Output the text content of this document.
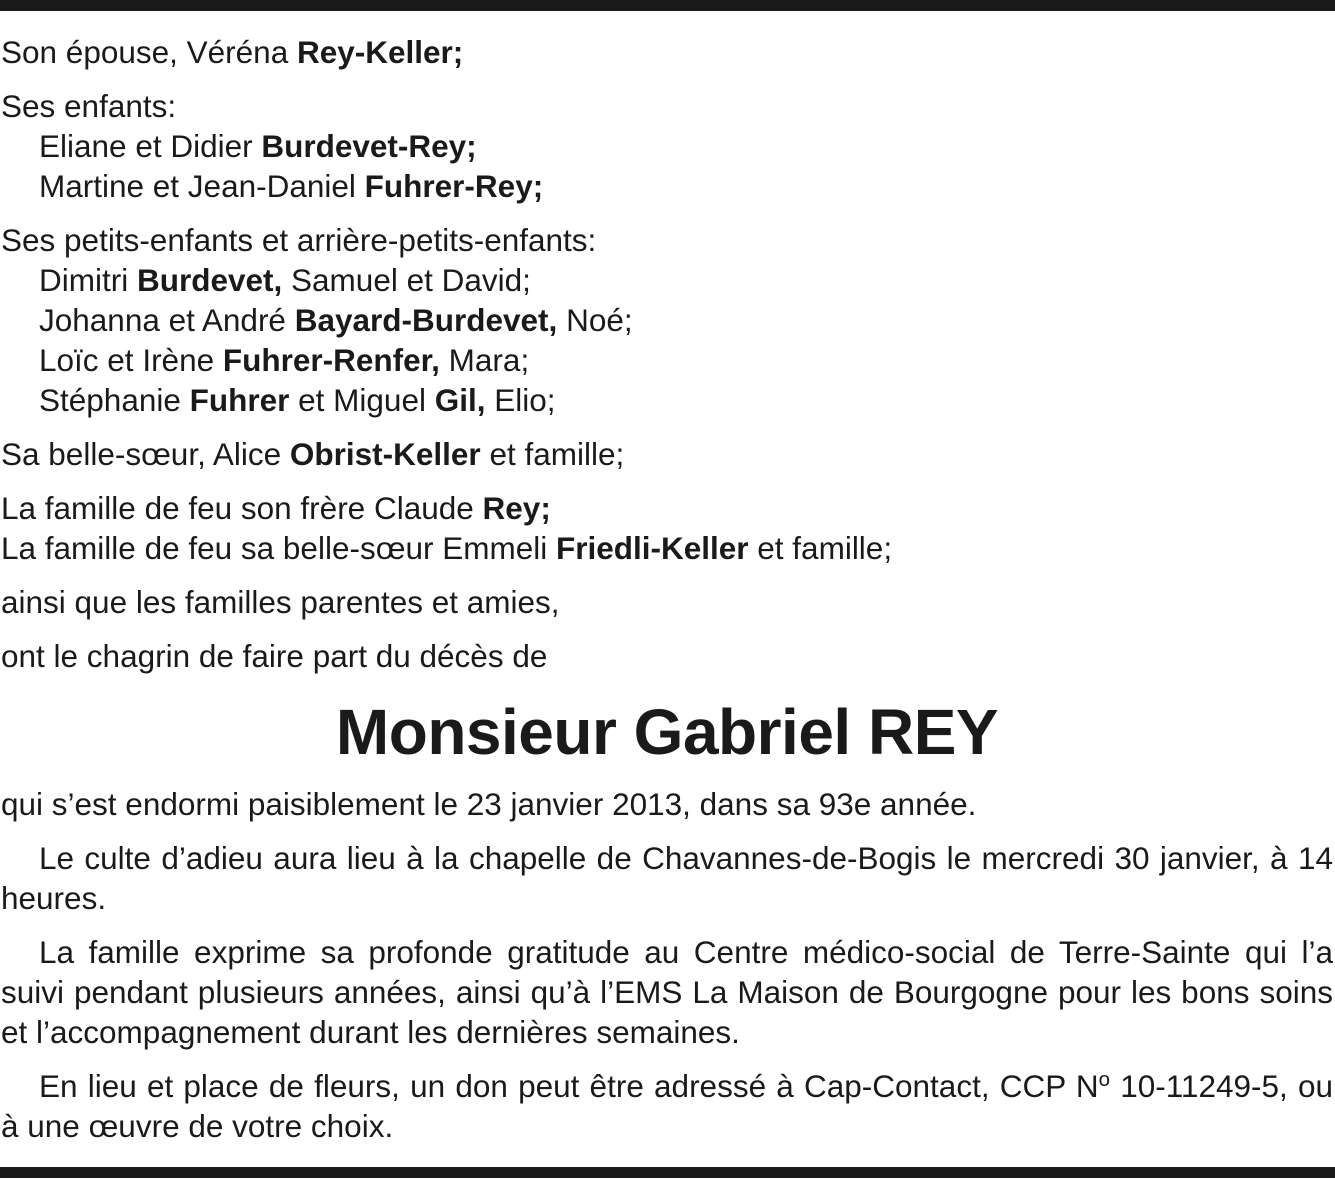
Son épouse, Véréna Rey-Keller;
Ses enfants:
Eliane et Didier Burdevet-Rey;
Martine et Jean-Daniel Fuhrer-Rey;
Ses petits-enfants et arrière-petits-enfants:
Dimitri Burdevet, Samuel et David;
Johanna et André Bayard-Burdevet, Noé;
Loïc et Irène Fuhrer-Renfer, Mara;
Stéphanie Fuhrer et Miguel Gil, Elio;
Sa belle-sœur, Alice Obrist-Keller et famille;
La famille de feu son frère Claude Rey;
La famille de feu sa belle-sœur Emmeli Friedli-Keller et famille;
ainsi que les familles parentes et amies,
ont le chagrin de faire part du décès de
Monsieur Gabriel REY
qui s’est endormi paisiblement le 23 janvier 2013, dans sa 93e année.
Le culte d’adieu aura lieu à la chapelle de Chavannes-de-Bogis le mercredi 30 janvier, à 14 heures.
La famille exprime sa profonde gratitude au Centre médico-social de Terre-Sainte qui l’a suivi pendant plusieurs années, ainsi qu’à l’EMS La Maison de Bourgogne pour les bons soins et l’accompagnement durant les dernières semaines.
En lieu et place de fleurs, un don peut être adressé à Cap-Contact, CCP $N^o$ 10-11249-5, ou à une œuvre de votre choix.
